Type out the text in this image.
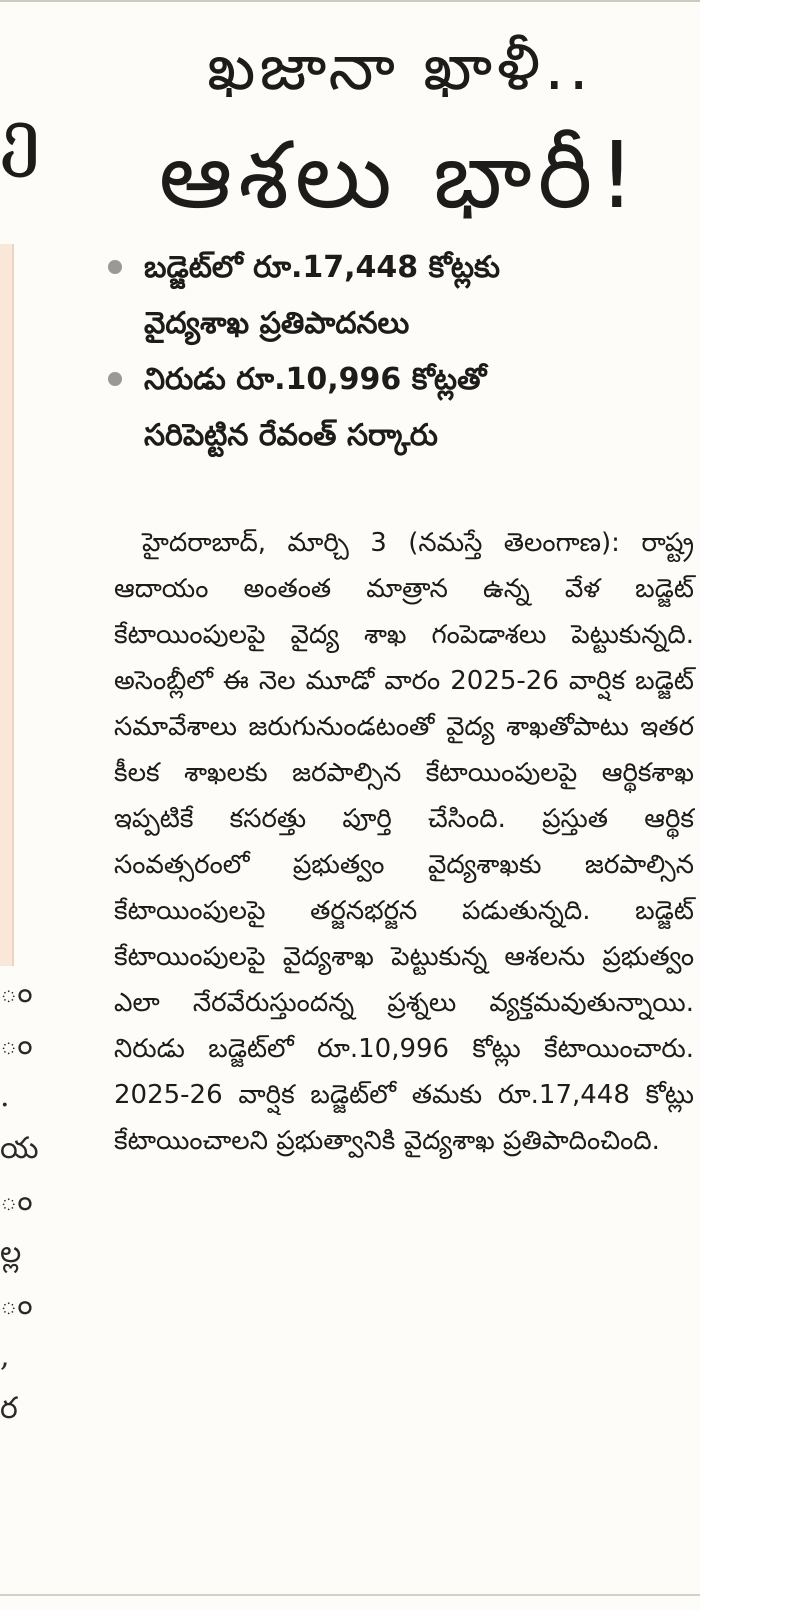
ე
ం
ం
.
య
ం
ల్ల
ం
,
ర
ఖజానా ఖాళీ..
ఆశలు భారీ!
బడ్జెట్‌లో రూ.17,448 కోట్లకు
వైద్యశాఖ ప్రతిపాదనలు
నిరుడు రూ.10,996 కోట్లతో
సరిపెట్టిన రేవంత్ సర్కారు
హైదరాబాద్, మార్చి 3 (నమస్తే తెలంగాణ): రాష్ట్ర ఆదాయం అంతంత మాత్రాన ఉన్న వేళ బడ్జెట్ కేటాయింపులపై వైద్య శాఖ గంపెడాశలు పెట్టుకున్నది. అసెంబ్లీలో ఈ నెల మూడో వారం 2025-26 వార్షిక బడ్జెట్ సమావేశాలు జరుగునుండటంతో వైద్య శాఖతోపాటు ఇతర కీలక శాఖలకు జరపాల్సిన కేటాయింపులపై ఆర్థికశాఖ ఇప్పటికే కసరత్తు పూర్తి చేసింది. ప్రస్తుత ఆర్థిక సంవత్సరంలో ప్రభుత్వం వైద్యశాఖకు జరపాల్సిన కేటాయింపులపై తర్జనభర్జన పడుతున్నది. బడ్జెట్ కేటాయింపులపై వైద్యశాఖ పెట్టుకున్న ఆశలను ప్రభుత్వం ఎలా నేరవేరుస్తుందన్న ప్రశ్నలు వ్యక్తమవుతున్నాయి. నిరుడు బడ్జెట్‌లో రూ.10,996 కోట్లు కేటాయించారు. 2025-26 వార్షిక బడ్జెట్‌లో తమకు రూ.17,448 కోట్లు కేటాయించాలని ప్రభుత్వానికి వైద్యశాఖ ప్రతిపాదించింది.
